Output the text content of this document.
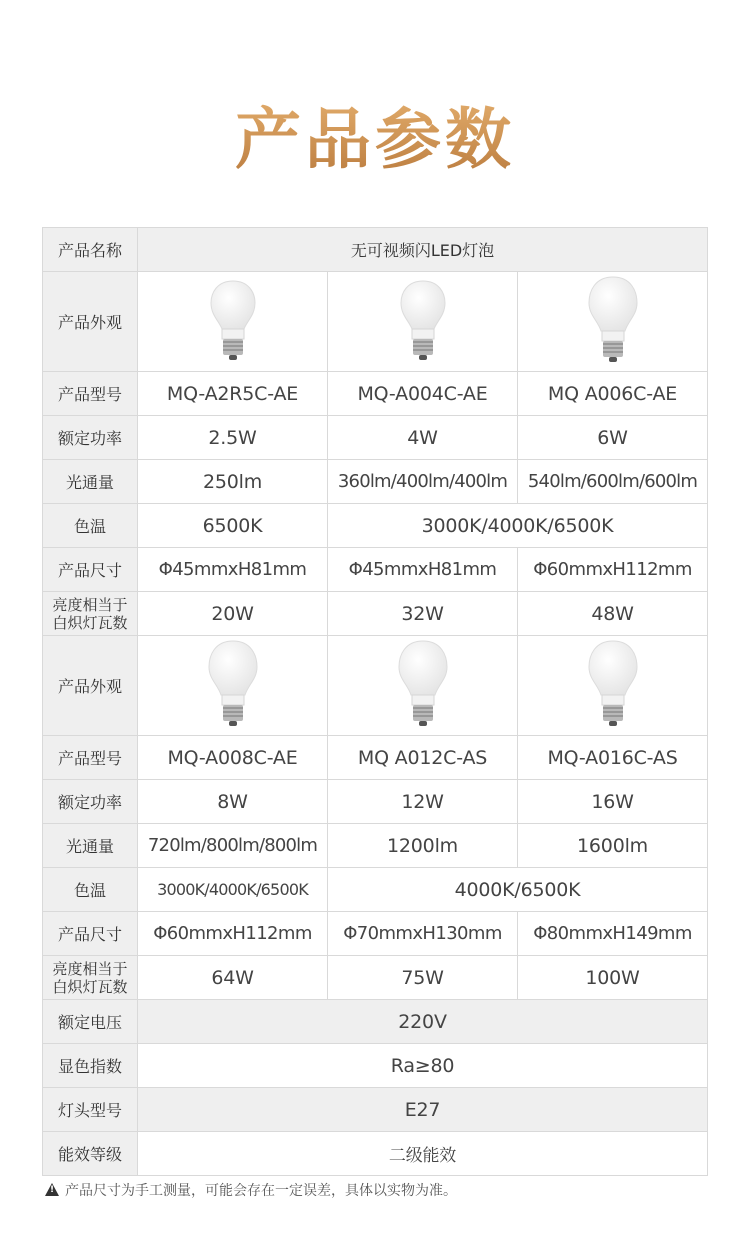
产品参数
产品名称	无可视频闪LED灯泡		
产品外观			
产品型号	MQ-A2R5C-AE	MQ-A004C-AE	MQ A006C-AE
额定功率	2.5W	4W	6W
光通量	250lm	360lm/400lm/400lm	540lm/600lm/600lm
色温	6500K	3000K/4000K/6500K	
产品尺寸	Φ45mmxH81mm	Φ45mmxH81mm	Φ60mmxH112mm
亮度相当于
白炽灯瓦数	20W	32W	48W
产品外观			
产品型号	MQ-A008C-AE	MQ A012C-AS	MQ-A016C-AS
额定功率	8W	12W	16W
光通量	720lm/800lm/800lm	1200lm	1600lm
色温	3000K/4000K/6500K	4000K/6500K	
产品尺寸	Φ60mmxH112mm	Φ70mmxH130mm	Φ80mmxH149mm
亮度相当于
白炽灯瓦数	64W	75W	100W
额定电压	220V		
显色指数	Ra≥80		
灯头型号	E27		
能效等级	二级能效		
!产品尺寸为手工测量，可能会存在一定误差，具体以实物为准。
